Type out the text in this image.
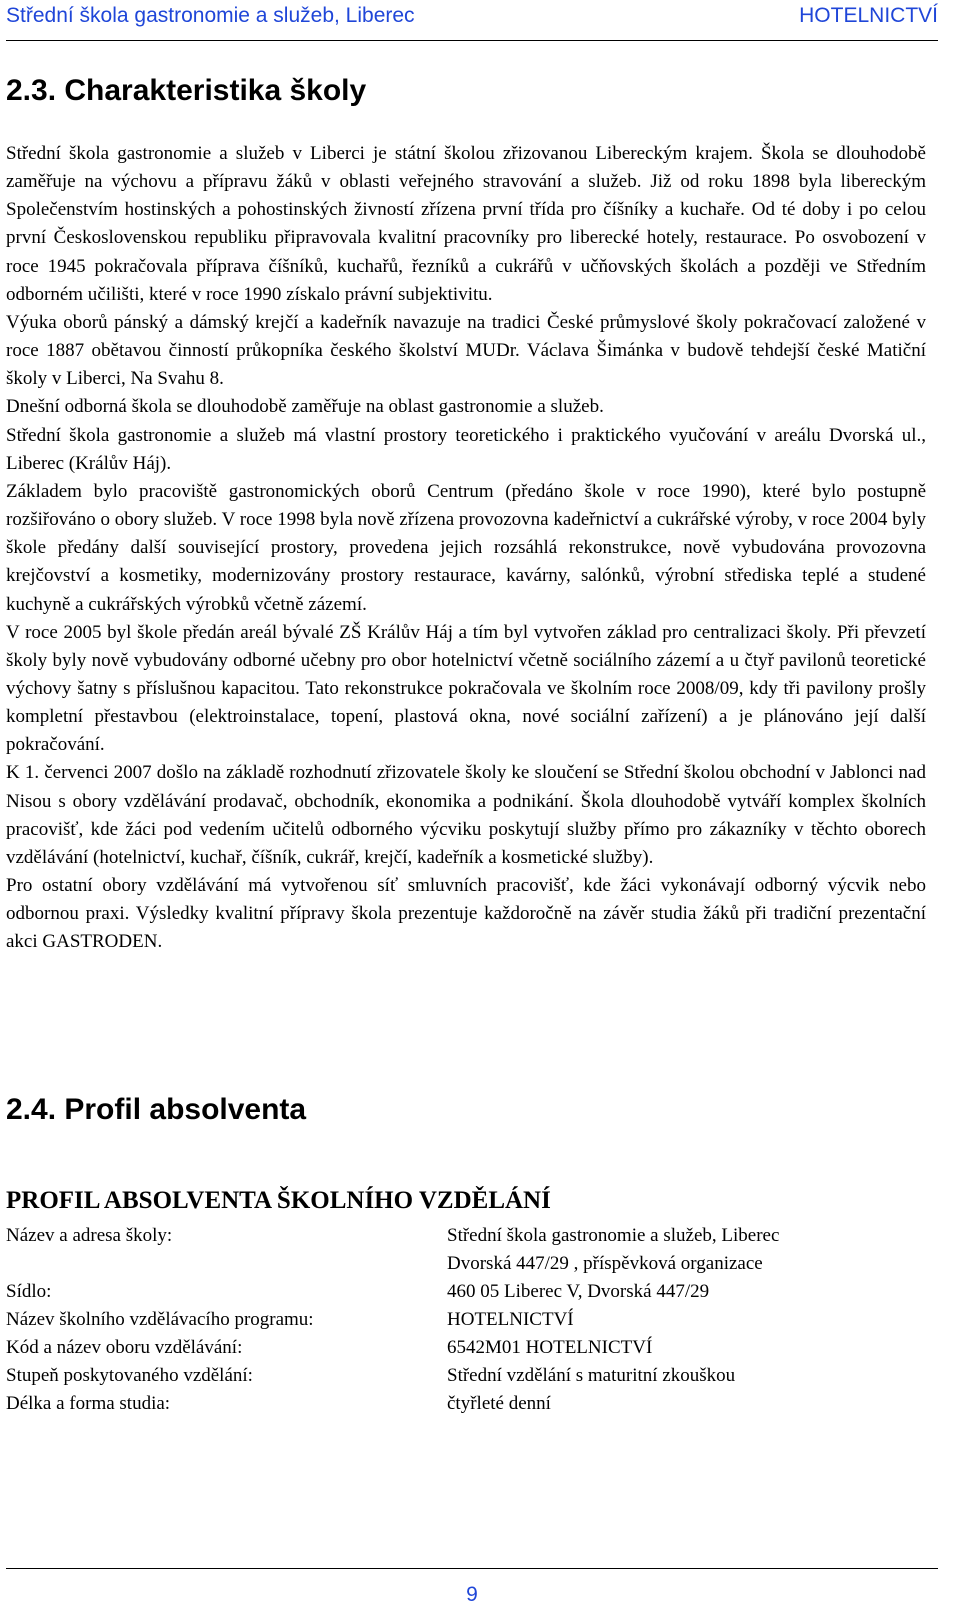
Střední škola gastronomie a služeb, Liberec	HOTELNICTVÍ
2.3. Charakteristika školy

Střední škola gastronomie a služeb v Liberci je státní školou zřizovanou Libereckým krajem. Škola se dlouhodobě zaměřuje na výchovu a přípravu žáků v oblasti veřejného stravování a služeb. Již od roku 1898 byla libereckým Společenstvím hostinských a pohostinských živností zřízena první třída pro číšníky a kuchaře. Od té doby i po celou první Československou republiku připravovala kvalitní pracovníky pro liberecké hotely, restaurace. Po osvobození v roce 1945 pokračovala příprava číšníků, kuchařů, řezníků a cukrářů v učňovských školách a později ve Středním odborném učilišti, které v roce 1990 získalo právní subjektivitu.

Výuka oborů pánský a dámský krejčí a kadeřník navazuje na tradici České průmyslové školy pokračovací založené v roce 1887 obětavou činností průkopníka českého školství MUDr. Václava Šimánka v budově tehdejší české Matiční školy v Liberci, Na Svahu 8.

Dnešní odborná škola se dlouhodobě zaměřuje na oblast gastronomie a služeb.

Střední škola gastronomie a služeb má vlastní prostory teoretického i praktického vyučování v areálu Dvorská ul., Liberec (Králův Háj).

Základem bylo pracoviště gastronomických oborů Centrum (předáno škole v roce 1990), které bylo postupně rozšiřováno o obory služeb. V roce 1998 byla nově zřízena provozovna kadeřnictví a cukrářské výroby, v roce 2004 byly škole předány další související prostory, provedena jejich rozsáhlá rekonstrukce, nově vybudována provozovna krejčovství a kosmetiky, modernizovány prostory restaurace, kavárny, salónků, výrobní střediska teplé a studené kuchyně a cukrářských výrobků včetně zázemí.

V roce 2005 byl škole předán areál bývalé ZŠ Králův Háj a tím byl vytvořen základ pro centralizaci školy. Při převzetí školy byly nově vybudovány odborné učebny pro obor hotelnictví včetně sociálního zázemí a u čtyř pavilonů teoretické výchovy šatny s příslušnou kapacitou. Tato rekonstrukce pokračovala ve školním roce 2008/09, kdy tři pavilony prošly kompletní přestavbou (elektroinstalace, topení, plastová okna, nové sociální zařízení) a je plánováno její další pokračování.

K 1. červenci 2007 došlo na základě rozhodnutí zřizovatele školy ke sloučení se Střední školou obchodní v Jablonci nad Nisou s obory vzdělávání prodavač, obchodník, ekonomika a podnikání. Škola dlouhodobě vytváří komplex školních pracovišť, kde žáci pod vedením učitelů odborného výcviku poskytují služby přímo pro zákazníky v těchto oborech vzdělávání (hotelnictví, kuchař, číšník, cukrář, krejčí, kadeřník a kosmetické služby).

Pro ostatní obory vzdělávání má vytvořenou síť smluvních pracovišť, kde žáci vykonávají odborný výcvik nebo odbornou praxi. Výsledky kvalitní přípravy škola prezentuje každoročně na závěr studia žáků při tradiční prezentační akci GASTRODEN.

2.4. Profil absolventa
PROFIL ABSOLVENTA ŠKOLNÍHO VZDĚLÁNÍ
Název a adresa školy:	Střední škola gastronomie a služeb, Liberec
Dvorská 447/29 , příspěvková organizace
Sídlo:	460 05 Liberec V, Dvorská 447/29
Název školního vzdělávacího programu:	HOTELNICTVÍ
Kód a název oboru vzdělávání:	6542M01 HOTELNICTVÍ
Stupeň poskytovaného vzdělání:	Střední vzdělání s maturitní zkouškou
Délka a forma studia:	čtyřleté denní
9
